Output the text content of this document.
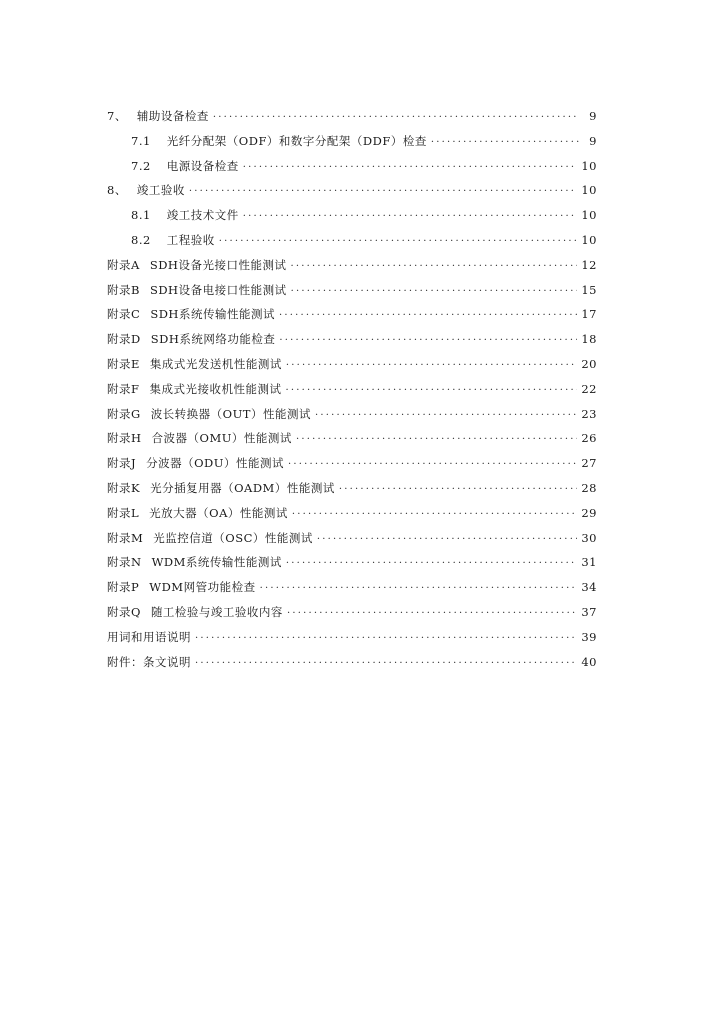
7、 辅助设备检查 ·····	9
7.1 光纤分配架（ODF）和数字分配架（DDF）检查 ·····	9
7.2 电源设备检查 ·····	10
8、 竣工验收 ·····	10
8.1 竣工技术文件 ·····	10
8.2 工程验收 ·····	10
附录A SDH设备光接口性能测试 ·····	12
附录B SDH设备电接口性能测试 ·····	15
附录C SDH系统传输性能测试 ·····	17
附录D SDH系统网络功能检查 ·····	18
附录E 集成式光发送机性能测试 ·····	20
附录F 集成式光接收机性能测试 ·····	22
附录G 波长转换器（OUT）性能测试 ·····	23
附录H 合波器（OMU）性能测试 ·····	26
附录J 分波器（ODU）性能测试 ·····	27
附录K 光分插复用器（OADM）性能测试 ·····	28
附录L 光放大器（OA）性能测试 ·····	29
附录M 光监控信道（OSC）性能测试 ·····	30
附录N WDM系统传输性能测试 ·····	31
附录P WDM网管功能检查 ·····	34
附录Q 随工检验与竣工验收内容 ·····	37
用词和用语说明 ·····	39
附件：条文说明 ·····	40
